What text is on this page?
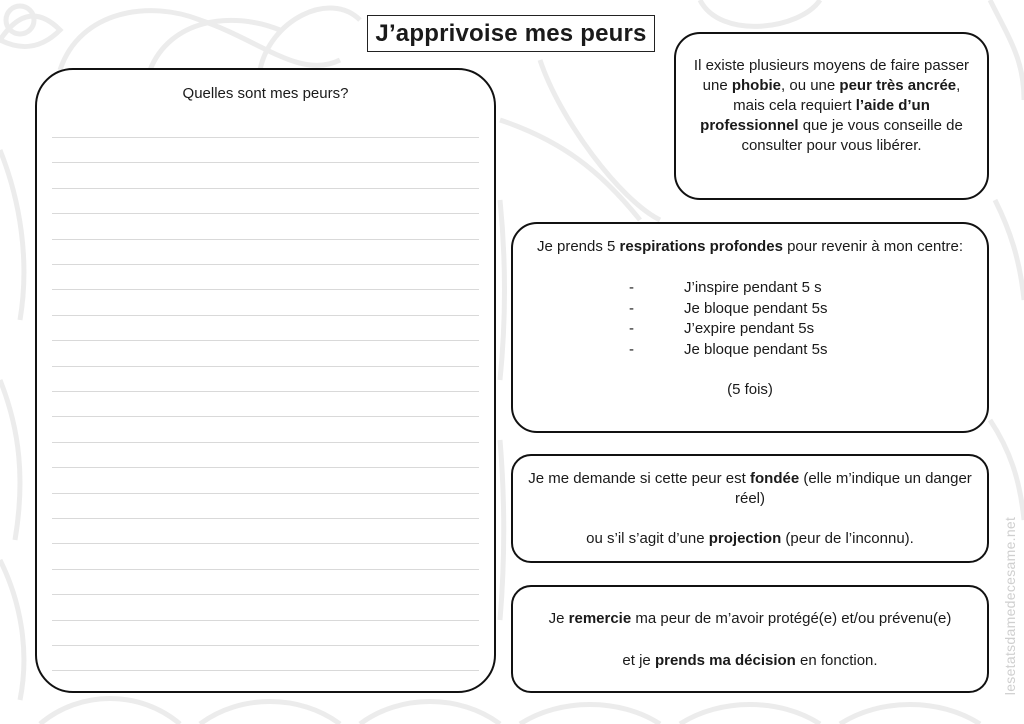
J’apprivoise mes peurs
Quelles sont mes peurs?

Il existe plusieurs moyens de faire passer une phobie, ou une peur très ancrée, mais cela requiert l’aide d’un professionnel que je vous conseille de consulter pour vous libérer.

Je prends 5 respirations profondes pour revenir à mon centre:

-	J’inspire pendant 5 s
-	Je bloque pendant 5s
-	J’expire pendant 5s
-	Je bloque pendant 5s

(5 fois)

Je me demande si cette peur est fondée (elle m’indique un danger réel)

ou s’il s’agit d’une projection (peur de l’inconnu).

Je remercie ma peur de m’avoir protégé(e) et/ou prévenu(e)

et je prends ma décision en fonction.	lesetatsdamedecesame.net
